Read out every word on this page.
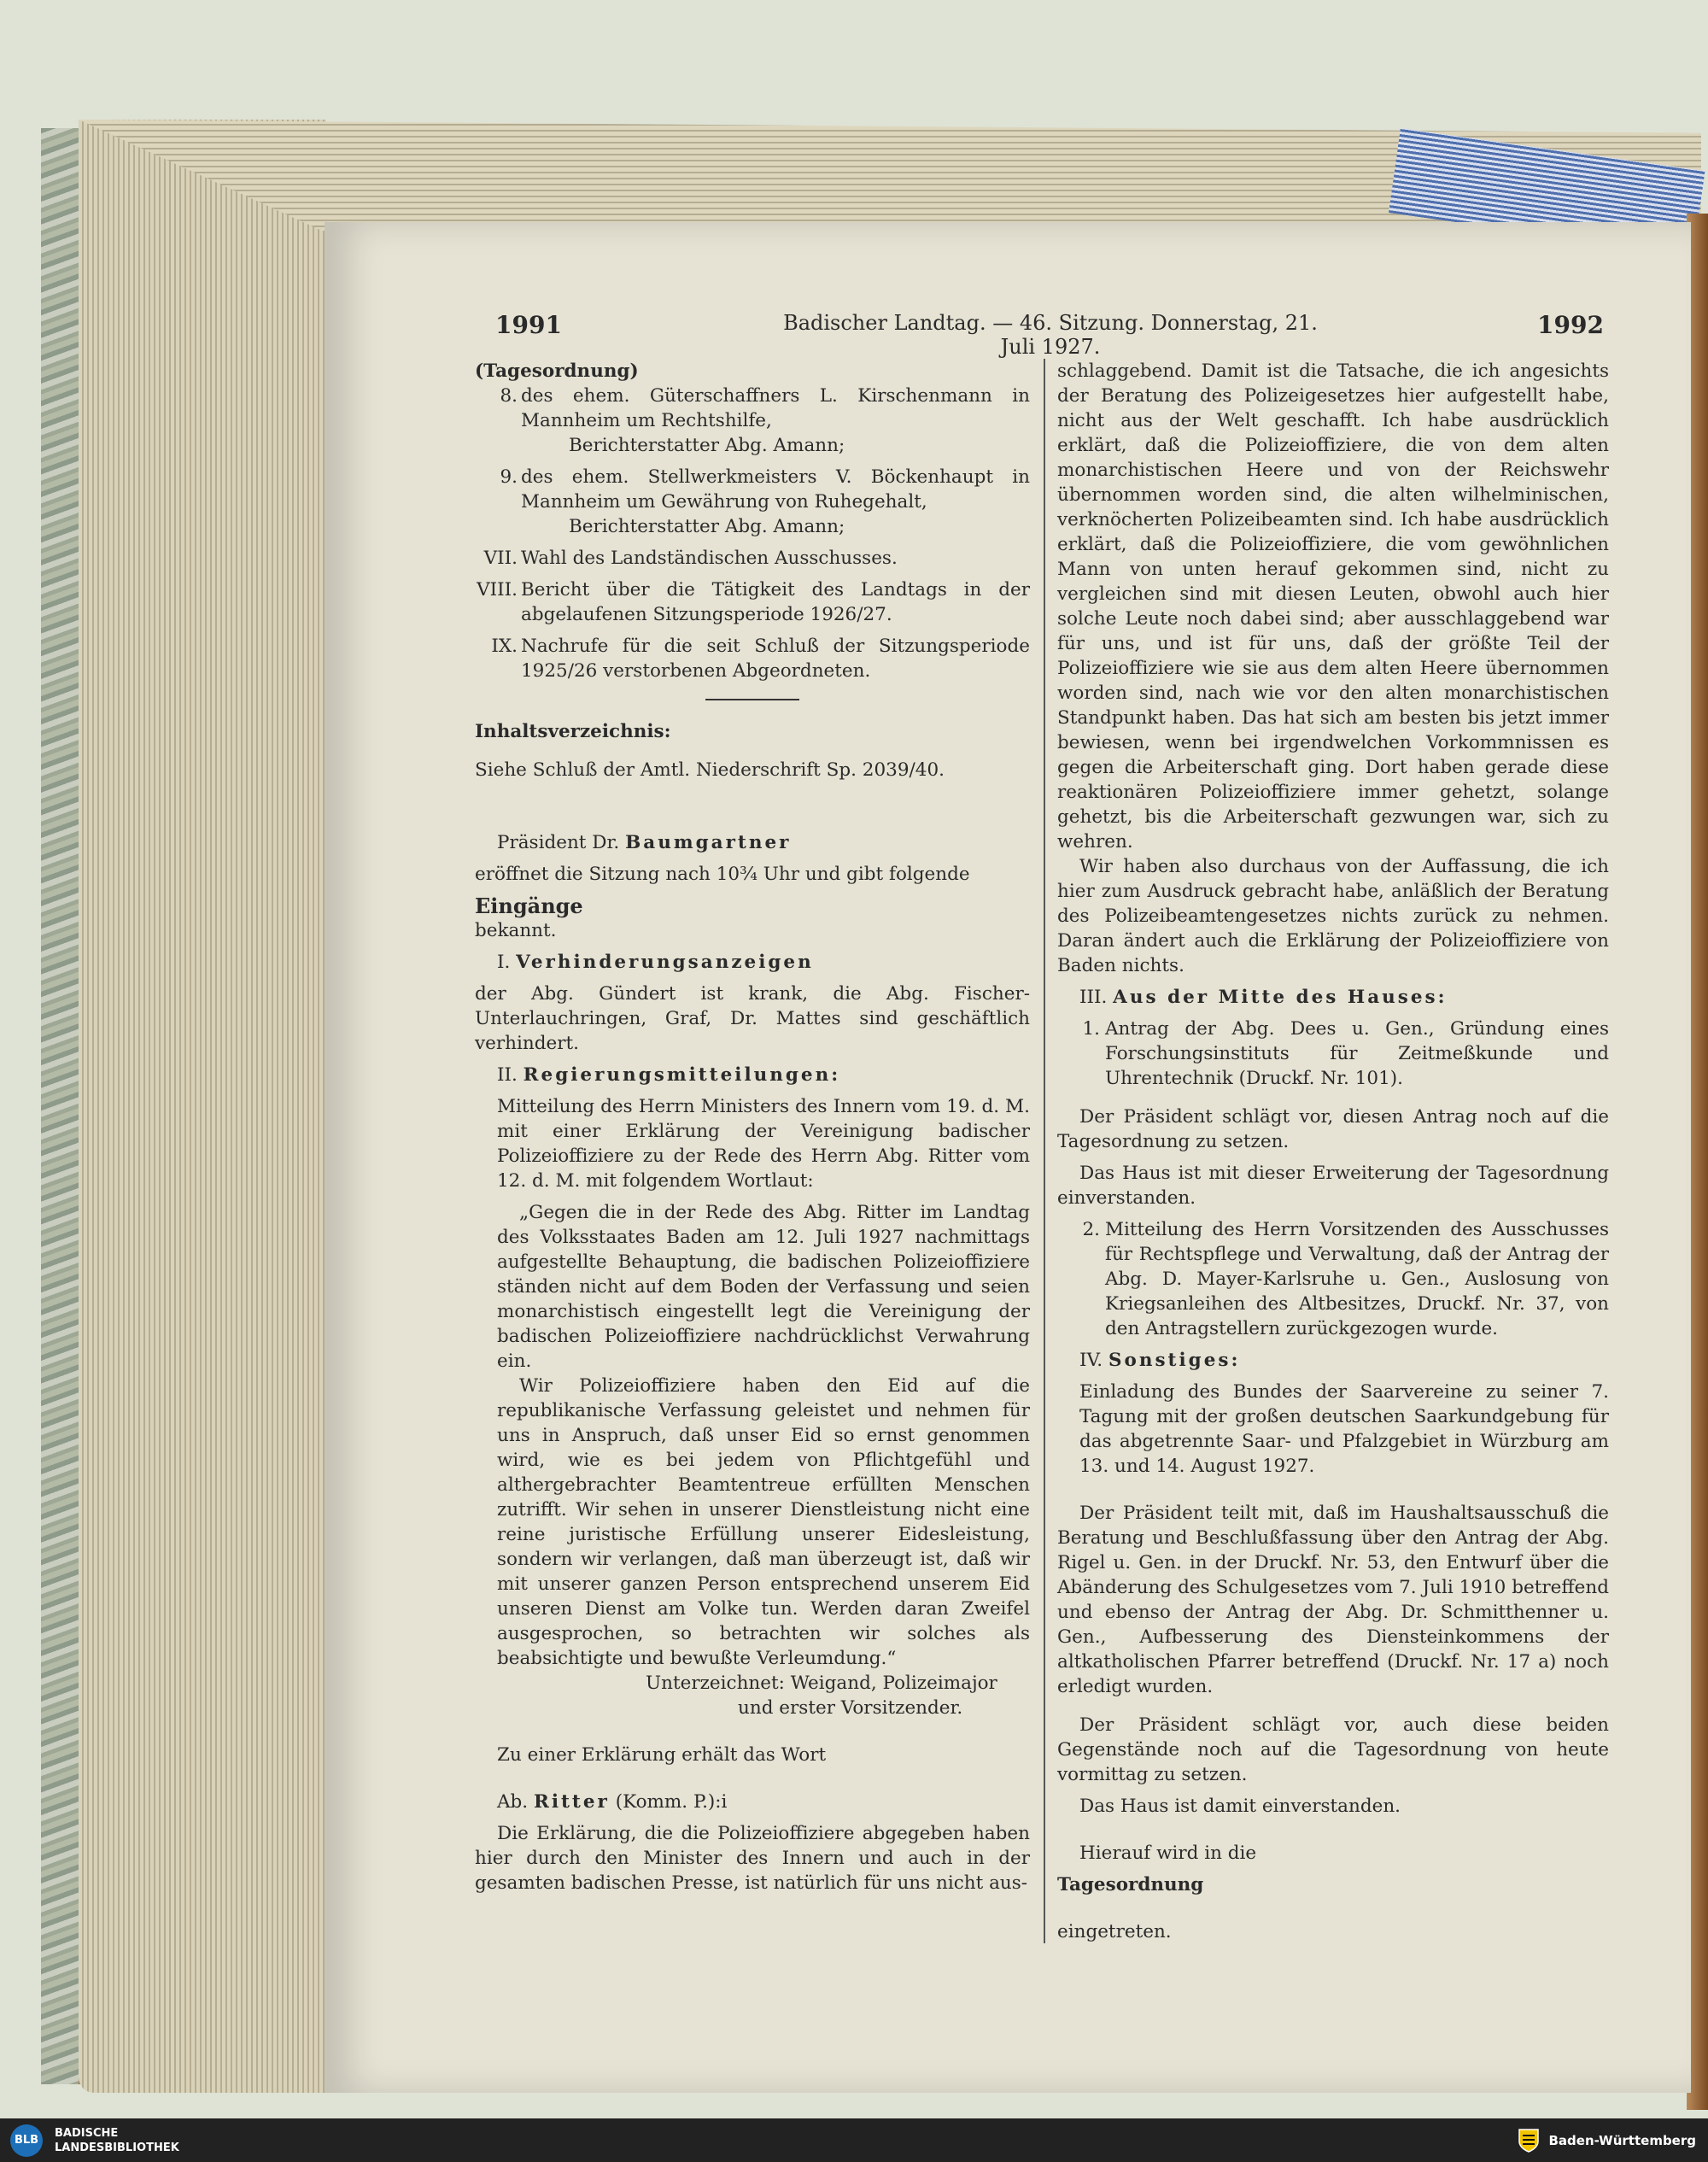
1991	Badischer Landtag. — 46. Sitzung. Donnerstag, 21. Juli 1927.
1992

(Tagesordnung)

8. des ehem. Güterschaffners L. Kirschenmann in Mannheim um Rechtshilfe,

Berichterstatter Abg. Amann;

9. des ehem. Stellwerkmeisters V. Böckenhaupt in Mannheim um Gewährung von Ruhegehalt,

Berichterstatter Abg. Amann;

VII. Wahl des Landständischen Ausschusses.
VIII. Bericht über die Tätigkeit des Landtags in der abgelaufenen Sitzungsperiode 1926/27.
IX. Nachrufe für die seit Schluß der Sitzungsperiode 1925/26 verstorbenen Abgeordneten.

Inhaltsverzeichnis:

Siehe Schluß der Amtl. Niederschrift Sp. 2039/40.

Präsident Dr. Baumgartner

eröffnet die Sitzung nach 10¾ Uhr und gibt folgende

Eingänge

bekannt.

I. Verhinderungsanzeigen

der Abg. Gündert ist krank, die Abg. Fischer-Unterlauchringen, Graf, Dr. Mattes sind geschäftlich verhindert.

II. Regierungsmitteilungen:

Mitteilung des Herrn Ministers des Innern vom 19. d. M. mit einer Erklärung der Vereinigung badischer Polizeioffiziere zu der Rede des Herrn Abg. Ritter vom 12. d. M. mit folgendem Wortlaut:

„Gegen die in der Rede des Abg. Ritter im Landtag des Volksstaates Baden am 12. Juli 1927 nachmittags aufgestellte Behauptung, die badischen Polizeioffiziere ständen nicht auf dem Boden der Verfassung und seien monarchistisch eingestellt legt die Vereinigung der badischen Polizeioffiziere nachdrücklichst Verwahrung ein.

Wir Polizeioffiziere haben den Eid auf die republikanische Verfassung geleistet und nehmen für uns in Anspruch, daß unser Eid so ernst genommen wird, wie es bei jedem von Pflichtgefühl und althergebrachter Beamtentreue erfüllten Menschen zutrifft. Wir sehen in unserer Dienstleistung nicht eine reine juristische Erfüllung unserer Eidesleistung, sondern wir verlangen, daß man überzeugt ist, daß wir mit unserer ganzen Person entsprechend unserem Eid unseren Dienst am Volke tun. Werden daran Zweifel ausgesprochen, so betrachten wir solches als beabsichtigte und bewußte Verleumdung.“

Unterzeichnet: Weigand, Polizeimajor

und erster Vorsitzender.

Zu einer Erklärung erhält das Wort

Ab. Ritter (Komm. P.):i

Die Erklärung, die die Polizeioffiziere abgegeben haben hier durch den Minister des Innern und auch in der gesamten badischen Presse, ist natürlich für uns nicht aus-

schlaggebend. Damit ist die Tatsache, die ich angesichts der Beratung des Polizeigesetzes hier aufgestellt habe, nicht aus der Welt geschafft. Ich habe ausdrücklich erklärt, daß die Polizeioffiziere, die von dem alten monarchistischen Heere und von der Reichswehr übernommen worden sind, die alten wilhelminischen, verknöcherten Polizeibeamten sind. Ich habe ausdrücklich erklärt, daß die Polizeioffiziere, die vom gewöhnlichen Mann von unten herauf gekommen sind, nicht zu vergleichen sind mit diesen Leuten, obwohl auch hier solche Leute noch dabei sind; aber ausschlaggebend war für uns, und ist für uns, daß der größte Teil der Polizeioffiziere wie sie aus dem alten Heere übernommen worden sind, nach wie vor den alten monarchistischen Standpunkt haben. Das hat sich am besten bis jetzt immer bewiesen, wenn bei irgendwelchen Vorkommnissen es gegen die Arbeiterschaft ging. Dort haben gerade diese reaktionären Polizeioffiziere immer gehetzt, solange gehetzt, bis die Arbeiterschaft gezwungen war, sich zu wehren.

Wir haben also durchaus von der Auffassung, die ich hier zum Ausdruck gebracht habe, anläßlich der Beratung des Polizeibeamtengesetzes nichts zurück zu nehmen. Daran ändert auch die Erklärung der Polizeioffiziere von Baden nichts.

III. Aus der Mitte des Hauses:

1. Antrag der Abg. Dees u. Gen., Gründung eines Forschungsinstituts für Zeitmeßkunde und Uhrentechnik (Druckf. Nr. 101).

Der Präsident schlägt vor, diesen Antrag noch auf die Tagesordnung zu setzen.

Das Haus ist mit dieser Erweiterung der Tagesordnung einverstanden.

2. Mitteilung des Herrn Vorsitzenden des Ausschusses für Rechtspflege und Verwaltung, daß der Antrag der Abg. D. Mayer-Karlsruhe u. Gen., Auslosung von Kriegsanleihen des Altbesitzes, Druckf. Nr. 37, von den Antragstellern zurückgezogen wurde.

IV. Sonstiges:

Einladung des Bundes der Saarvereine zu seiner 7. Tagung mit der großen deutschen Saarkundgebung für das abgetrennte Saar- und Pfalzgebiet in Würzburg am 13. und 14. August 1927.

Der Präsident teilt mit, daß im Haushaltsausschuß die Beratung und Beschlußfassung über den Antrag der Abg. Rigel u. Gen. in der Druckf. Nr. 53, den Entwurf über die Abänderung des Schulgesetzes vom 7. Juli 1910 betreffend und ebenso der Antrag der Abg. Dr. Schmitthenner u. Gen., Aufbesserung des Diensteinkommens der altkatholischen Pfarrer betreffend (Druckf. Nr. 17 a) noch erledigt wurden.

Der Präsident schlägt vor, auch diese beiden Gegenstände noch auf die Tagesordnung von heute vormittag zu setzen.

Das Haus ist damit einverstanden.

Hierauf wird in die

Tagesordnung

eingetreten.

BLB
BADISCHE
LANDESBIBLIOTHEK	Baden-Württemberg
